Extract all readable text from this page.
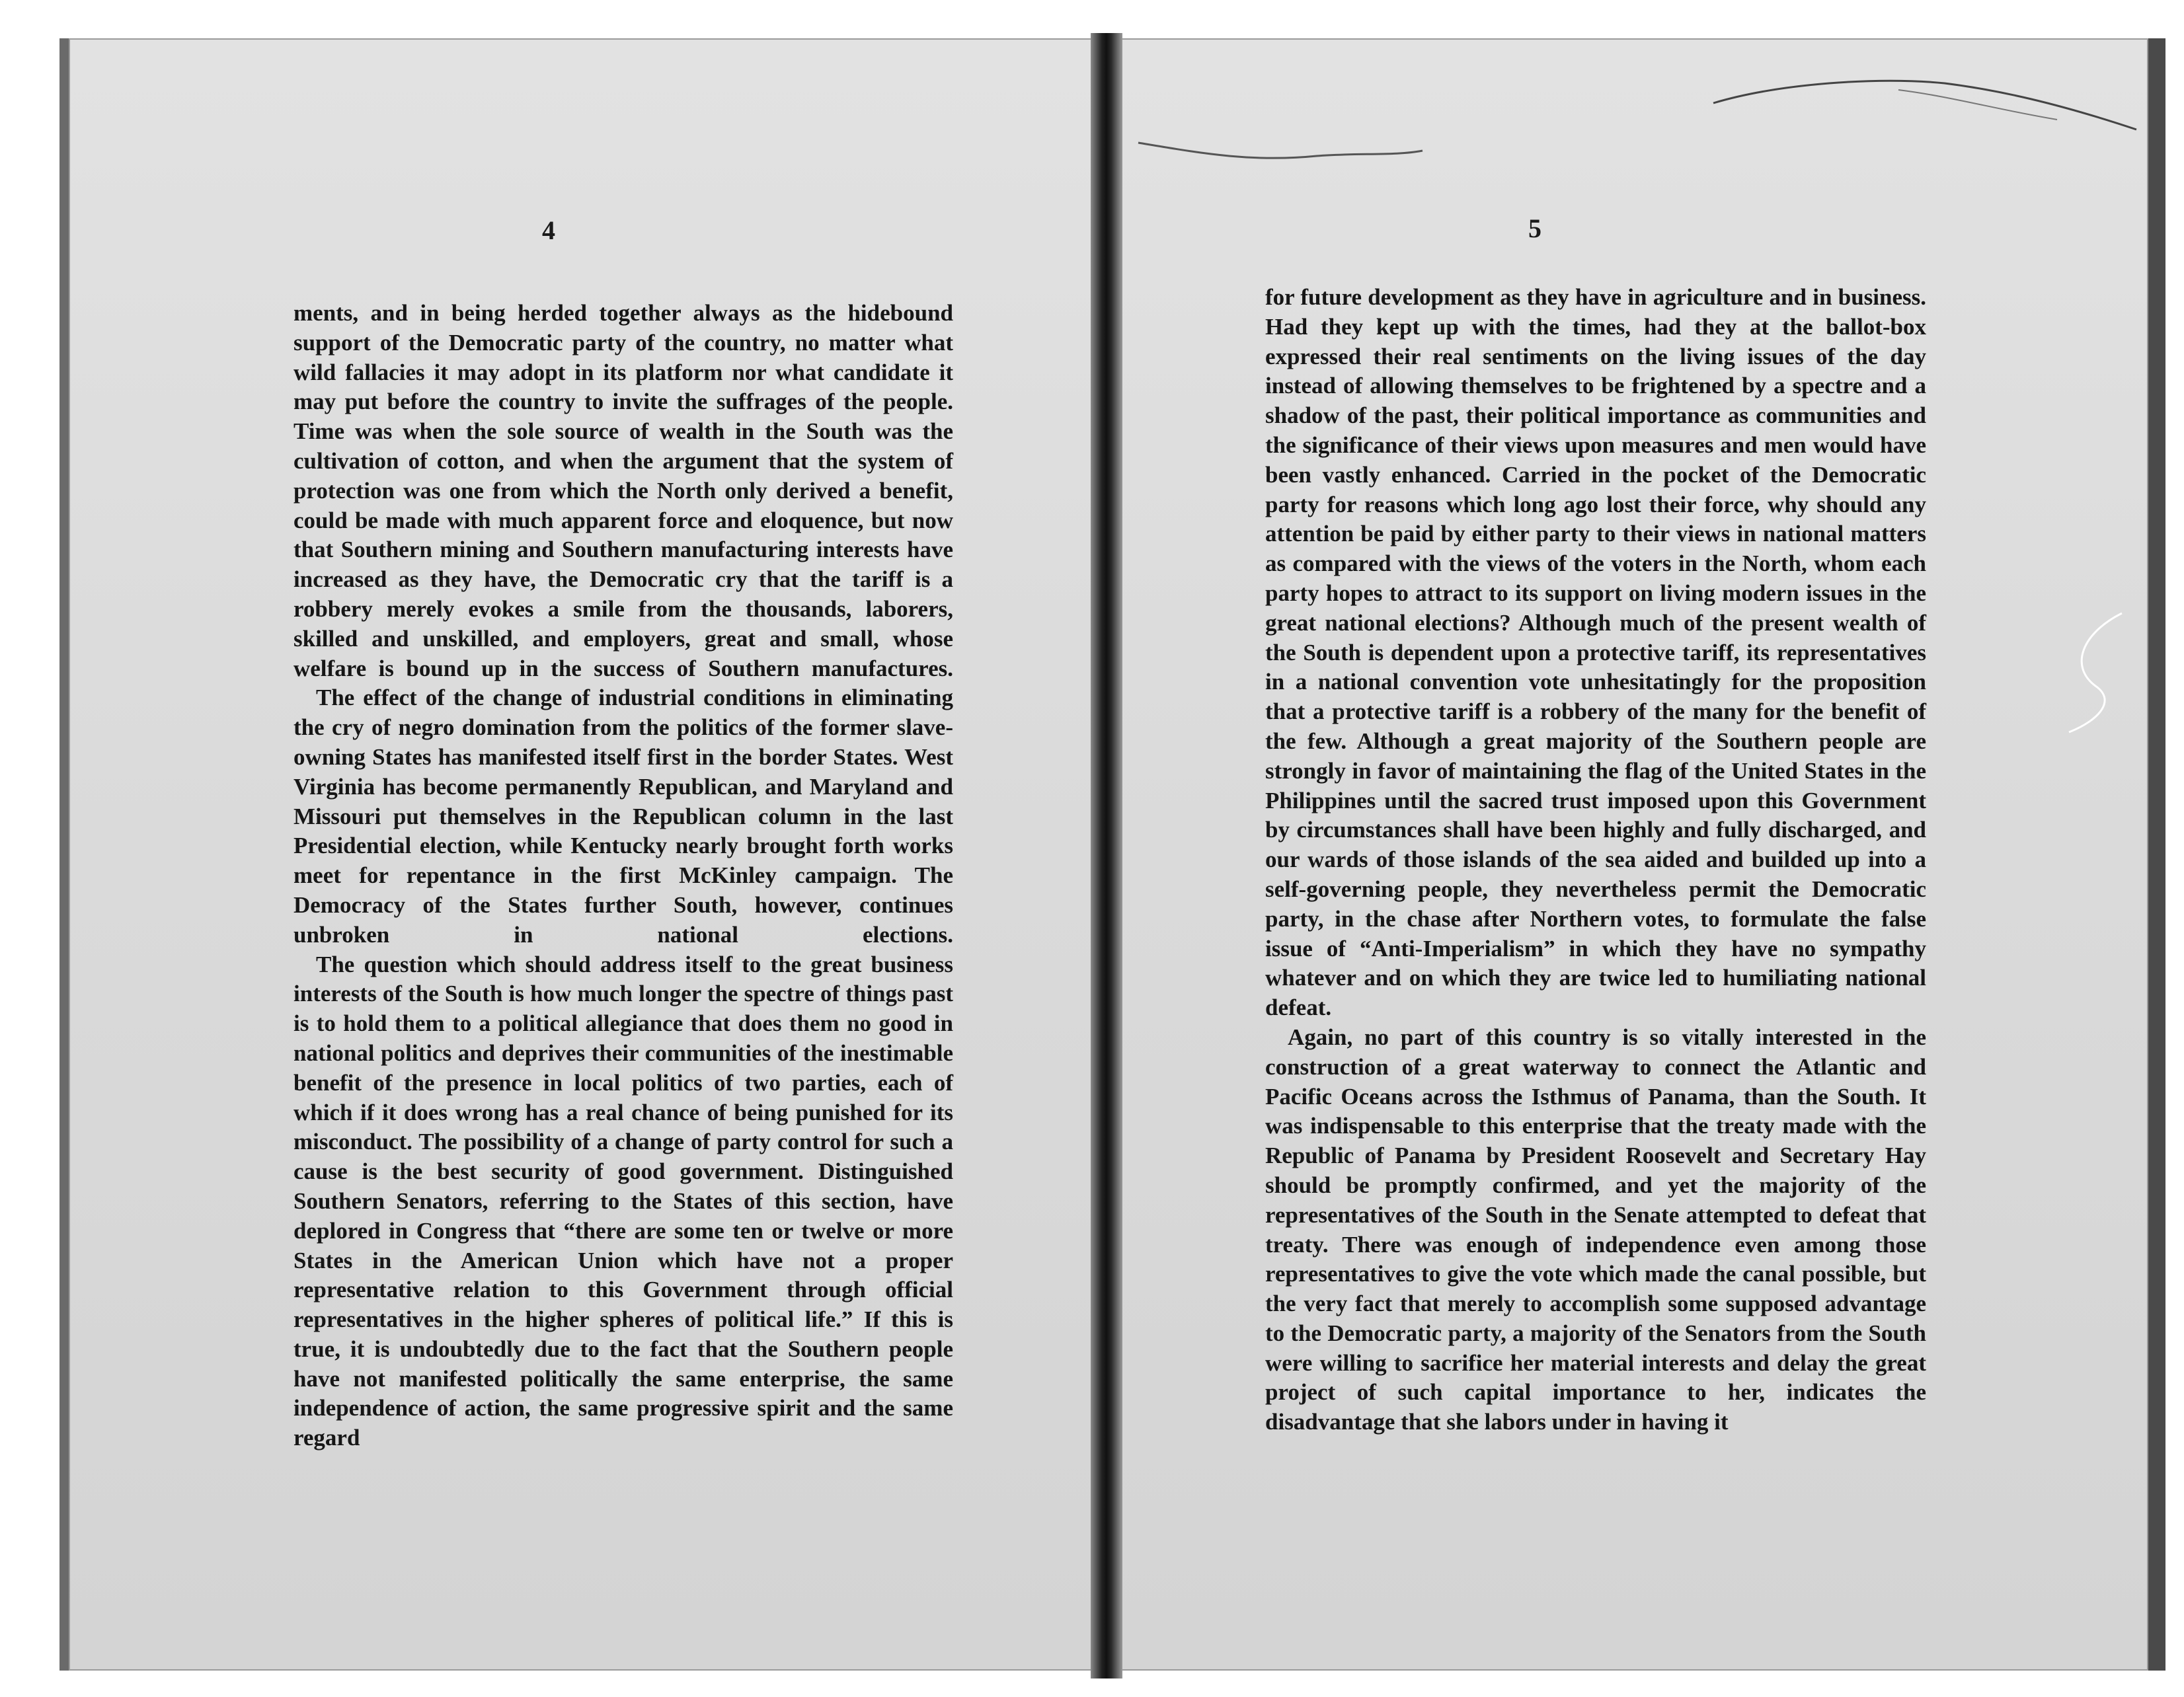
4	5

ments, and in being herded together always as the hidebound support of the Democratic party of the country, no matter what wild fallacies it may adopt in its platform nor what candidate it may put before the country to invite the suffrages of the people. Time was when the sole source of wealth in the South was the cultivation of cotton, and when the argument that the system of protection was one from which the North only derived a benefit, could be made with much apparent force and eloquence, but now that Southern mining and Southern manufacturing interests have increased as they have, the Democratic cry that the tariff is a robbery merely evokes a smile from the thousands, laborers, skilled and unskilled, and employers, great and small, whose welfare is bound up in the success of Southern manufactures.

The effect of the change of industrial conditions in eliminating the cry of negro domination from the politics of the former slave-owning States has manifested itself first in the border States. West Virginia has become permanently Republican, and Maryland and Missouri put themselves in the Republican column in the last Presidential election, while Kentucky nearly brought forth works meet for repentance in the first McKinley campaign. The Democracy of the States further South, however, continues unbroken in national elections.

The question which should address itself to the great business interests of the South is how much longer the spectre of things past is to hold them to a political allegiance that does them no good in national politics and deprives their communities of the inestimable benefit of the presence in local politics of two parties, each of which if it does wrong has a real chance of being punished for its misconduct. The possibility of a change of party control for such a cause is the best security of good government. Distinguished Southern Senators, referring to the States of this section, have deplored in Congress that “there are some ten or twelve or more States in the American Union which have not a proper representative relation to this Government through official representatives in the higher spheres of political life.” If this is true, it is undoubtedly due to the fact that the Southern people have not manifested politically the same enterprise, the same independence of action, the same progressive spirit and the same regard

for future development as they have in agriculture and in business. Had they kept up with the times, had they at the ballot-box expressed their real sentiments on the living issues of the day instead of allowing themselves to be frightened by a spectre and a shadow of the past, their political importance as communities and the significance of their views upon measures and men would have been vastly enhanced. Carried in the pocket of the Democratic party for reasons which long ago lost their force, why should any attention be paid by either party to their views in national matters as compared with the views of the voters in the North, whom each party hopes to attract to its support on living modern issues in the great national elections? Although much of the present wealth of the South is dependent upon a protective tariff, its representatives in a national convention vote unhesitatingly for the proposition that a protective tariff is a robbery of the many for the benefit of the few. Although a great majority of the Southern people are strongly in favor of maintaining the flag of the United States in the Philippines until the sacred trust imposed upon this Government by circumstances shall have been highly and fully discharged, and our wards of those islands of the sea aided and builded up into a self-governing people, they nevertheless permit the Democratic party, in the chase after Northern votes, to formulate the false issue of “Anti-Imperialism” in which they have no sympathy whatever and on which they are twice led to humiliating national defeat.

Again, no part of this country is so vitally interested in the construction of a great waterway to connect the Atlantic and Pacific Oceans across the Isthmus of Panama, than the South. It was indispensable to this enterprise that the treaty made with the Republic of Panama by President Roosevelt and Secretary Hay should be promptly confirmed, and yet the majority of the representatives of the South in the Senate attempted to defeat that treaty. There was enough of independence even among those representatives to give the vote which made the canal possible, but the very fact that merely to accomplish some supposed advantage to the Democratic party, a majority of the Senators from the South were willing to sacrifice her material interests and delay the great project of such capital importance to her, indicates the disadvantage that she labors under in having it
